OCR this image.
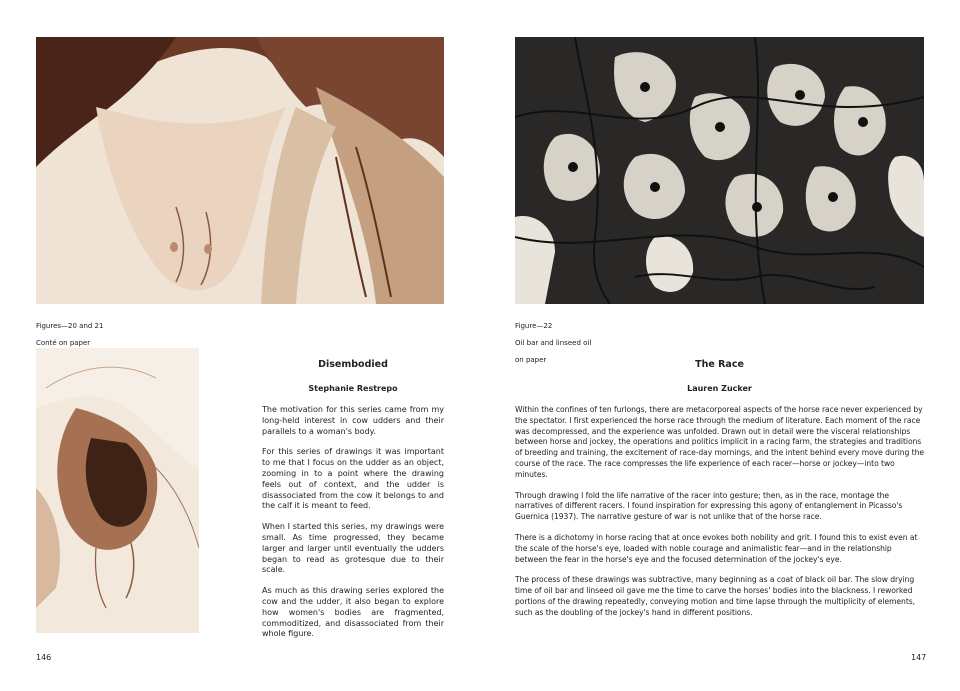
Figures—20 and 21

Conté on paper

Disembodied
Stephanie Restrepo

The motivation for this series came from my long-held interest in cow udders and their parallels to a woman's body.

For this series of drawings it was important to me that I focus on the udder as an object, zooming in to a point where the drawing feels out of context, and the udder is disassociated from the cow it belongs to and the calf it is meant to feed.

When I started this series, my drawings were small. As time progressed, they became larger and larger until eventually the udders began to read as grotesque due to their scale.

As much as this drawing series explored the cow and the udder, it also began to explore how women's bodies are fragmented, commoditized, and disassociated from their whole figure.

146

Figure—22

Oil bar and linseed oil

on paper	The Race
Lauren Zucker

Within the confines of ten furlongs, there are metacorporeal aspects of the horse race never experienced by the spectator. I first experienced the horse race through the medium of literature. Each moment of the race was decompressed, and the experience was unfolded. Drawn out in detail were the visceral relationships between horse and jockey, the operations and politics implicit in a racing farm, the strategies and traditions of breeding and training, the excitement of race-day mornings, and the intent behind every move during the course of the race. The race compresses the life experience of each racer—horse or jockey—into two minutes.

Through drawing I fold the life narrative of the racer into gesture; then, as in the race, montage the narratives of different racers. I found inspiration for expressing this agony of entanglement in Picasso's Guernica (1937). The narrative gesture of war is not unlike that of the horse race.

There is a dichotomy in horse racing that at once evokes both nobility and grit. I found this to exist even at the scale of the horse's eye, loaded with noble courage and animalistic fear—and in the relationship between the fear in the horse's eye and the focused determination of the jockey's eye.

The process of these drawings was subtractive, many beginning as a coat of black oil bar. The slow drying time of oil bar and linseed oil gave me the time to carve the horses' bodies into the blackness. I reworked portions of the drawing repeatedly, conveying motion and time lapse through the multiplicity of elements, such as the doubling of the jockey's hand in different positions.

147
